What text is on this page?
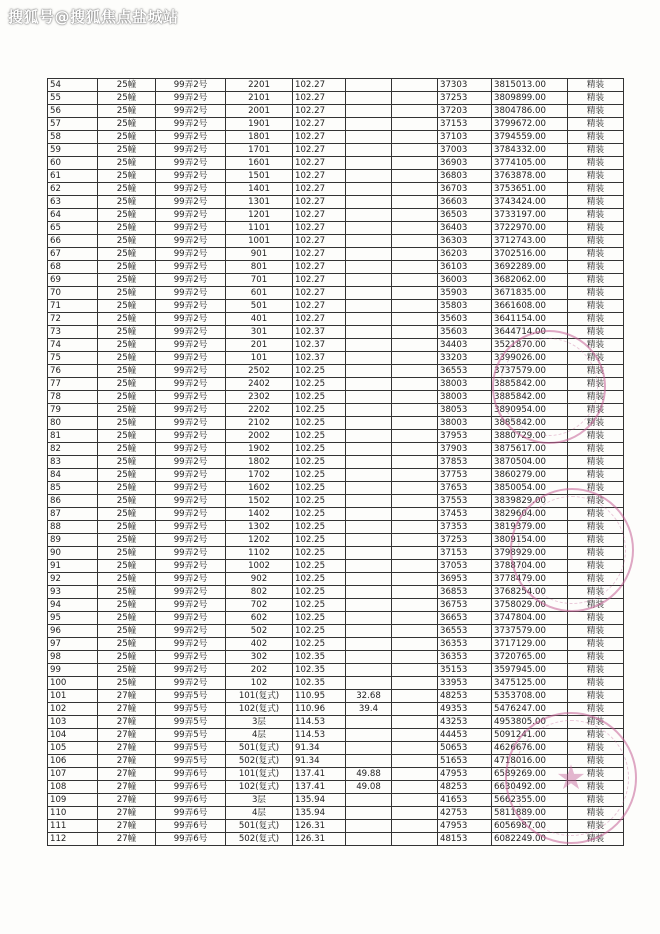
搜狐号@搜狐焦点盐城站
54	25幢	99弄2号	2201	102.27			37303	3815013.00	精装
55	25幢	99弄2号	2101	102.27			37253	3809899.00	精装
56	25幢	99弄2号	2001	102.27			37203	3804786.00	精装
57	25幢	99弄2号	1901	102.27			37153	3799672.00	精装
58	25幢	99弄2号	1801	102.27			37103	3794559.00	精装
59	25幢	99弄2号	1701	102.27			37003	3784332.00	精装
60	25幢	99弄2号	1601	102.27			36903	3774105.00	精装
61	25幢	99弄2号	1501	102.27			36803	3763878.00	精装
62	25幢	99弄2号	1401	102.27			36703	3753651.00	精装
63	25幢	99弄2号	1301	102.27			36603	3743424.00	精装
64	25幢	99弄2号	1201	102.27			36503	3733197.00	精装
65	25幢	99弄2号	1101	102.27			36403	3722970.00	精装
66	25幢	99弄2号	1001	102.27			36303	3712743.00	精装
67	25幢	99弄2号	901	102.27			36203	3702516.00	精装
68	25幢	99弄2号	801	102.27			36103	3692289.00	精装
69	25幢	99弄2号	701	102.27			36003	3682062.00	精装
70	25幢	99弄2号	601	102.27			35903	3671835.00	精装
71	25幢	99弄2号	501	102.27			35803	3661608.00	精装
72	25幢	99弄2号	401	102.27			35603	3641154.00	精装
73	25幢	99弄2号	301	102.37			35603	3644714.00	精装
74	25幢	99弄2号	201	102.37			34403	3521870.00	精装
75	25幢	99弄2号	101	102.37			33203	3399026.00	精装
76	25幢	99弄2号	2502	102.25			36553	3737579.00	精装
77	25幢	99弄2号	2402	102.25			38003	3885842.00	精装
78	25幢	99弄2号	2302	102.25			38003	3885842.00	精装
79	25幢	99弄2号	2202	102.25			38053	3890954.00	精装
80	25幢	99弄2号	2102	102.25			38003	3885842.00	精装
81	25幢	99弄2号	2002	102.25			37953	3880729.00	精装
82	25幢	99弄2号	1902	102.25			37903	3875617.00	精装
83	25幢	99弄2号	1802	102.25			37853	3870504.00	精装
84	25幢	99弄2号	1702	102.25			37753	3860279.00	精装
85	25幢	99弄2号	1602	102.25			37653	3850054.00	精装
86	25幢	99弄2号	1502	102.25			37553	3839829.00	精装
87	25幢	99弄2号	1402	102.25			37453	3829604.00	精装
88	25幢	99弄2号	1302	102.25			37353	3819379.00	精装
89	25幢	99弄2号	1202	102.25			37253	3809154.00	精装
90	25幢	99弄2号	1102	102.25			37153	3798929.00	精装
91	25幢	99弄2号	1002	102.25			37053	3788704.00	精装
92	25幢	99弄2号	902	102.25			36953	3778479.00	精装
93	25幢	99弄2号	802	102.25			36853	3768254.00	精装
94	25幢	99弄2号	702	102.25			36753	3758029.00	精装
95	25幢	99弄2号	602	102.25			36653	3747804.00	精装
96	25幢	99弄2号	502	102.25			36553	3737579.00	精装
97	25幢	99弄2号	402	102.25			36353	3717129.00	精装
98	25幢	99弄2号	302	102.35			36353	3720765.00	精装
99	25幢	99弄2号	202	102.35			35153	3597945.00	精装
100	25幢	99弄2号	102	102.35			33953	3475125.00	精装
101	27幢	99弄5号	101(复式)	110.95	32.68		48253	5353708.00	精装
102	27幢	99弄5号	102(复式)	110.96	39.4		49353	5476247.00	精装
103	27幢	99弄5号	3层	114.53			43253	4953805.00	精装
104	27幢	99弄5号	4层	114.53			44453	5091241.00	精装
105	27幢	99弄5号	501(复式)	91.34			50653	4626676.00	精装
106	27幢	99弄5号	502(复式)	91.34			51653	4718016.00	精装
107	27幢	99弄6号	101(复式)	137.41	49.88		47953	6589269.00	精装
108	27幢	99弄6号	102(复式)	137.41	49.08		48253	6630492.00	精装
109	27幢	99弄6号	3层	135.94			41653	5662355.00	精装
110	27幢	99弄6号	4层	135.94			42753	5811889.00	精装
111	27幢	99弄6号	501(复式)	126.31			47953	6056987.00	精装
112	27幢	99弄6号	502(复式)	126.31			48153	6082249.00	精装
★
